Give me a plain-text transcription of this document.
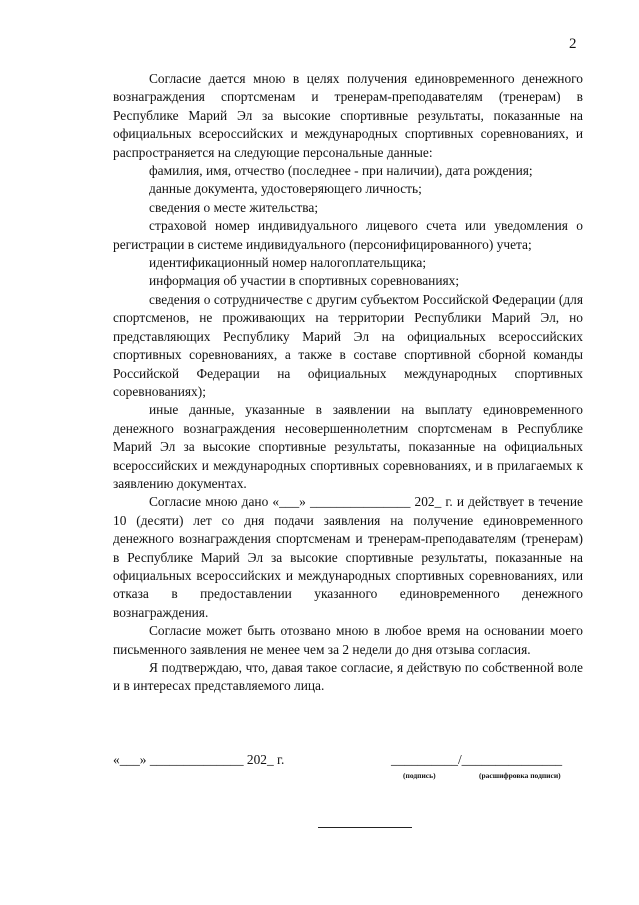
2

Согласие дается мною в целях получения единовременного денежного вознаграждения спортсменам и тренерам-преподавателям (тренерам) в Республике Марий Эл за высокие спортивные результаты, показанные на официальных всероссийских и международных спортивных соревнованиях, и распространяется на следующие персональные данные:

фамилия, имя, отчество (последнее - при наличии), дата рождения;

данные документа, удостоверяющего личность;

сведения о месте жительства;

страховой номер индивидуального лицевого счета или уведомления о регистрации в системе индивидуального (персонифицированного) учета;

идентификационный номер налогоплательщика;

информация об участии в спортивных соревнованиях;

сведения о сотрудничестве с другим субъектом Российской Федерации (для спортсменов, не проживающих на территории Республики Марий Эл, но представляющих Республику Марий Эл на официальных всероссийских спортивных соревнованиях, а также в составе спортивной сборной команды Российской Федерации на официальных международных спортивных соревнованиях);

иные данные, указанные в заявлении на выплату единовременного денежного вознаграждения несовершеннолетним спортсменам в Республике Марий Эл за высокие спортивные результаты, показанные на официальных всероссийских и международных спортивных соревнованиях, и в прилагаемых к заявлению документах.

Согласие мною дано «___» _______________ 202_ г. и действует в течение 10 (десяти) лет со дня подачи заявления на получение единовременного денежного вознаграждения спортсменам и тренерам-преподавателям (тренерам) в Республике Марий Эл за высокие спортивные результаты, показанные на официальных всероссийских и международных спортивных соревнованиях, или отказа в предоставлении указанного единовременного денежного вознаграждения.

Согласие может быть отозвано мною в любое время на основании моего письменного заявления не менее чем за 2 недели до дня отзыва согласия.

Я подтверждаю, что, давая такое согласие, я действую по собственной воле и в интересах представляемого лица.

«___» ______________ 202_ г.	__________/_______________
(подпись)	(расшифровка подписи)
